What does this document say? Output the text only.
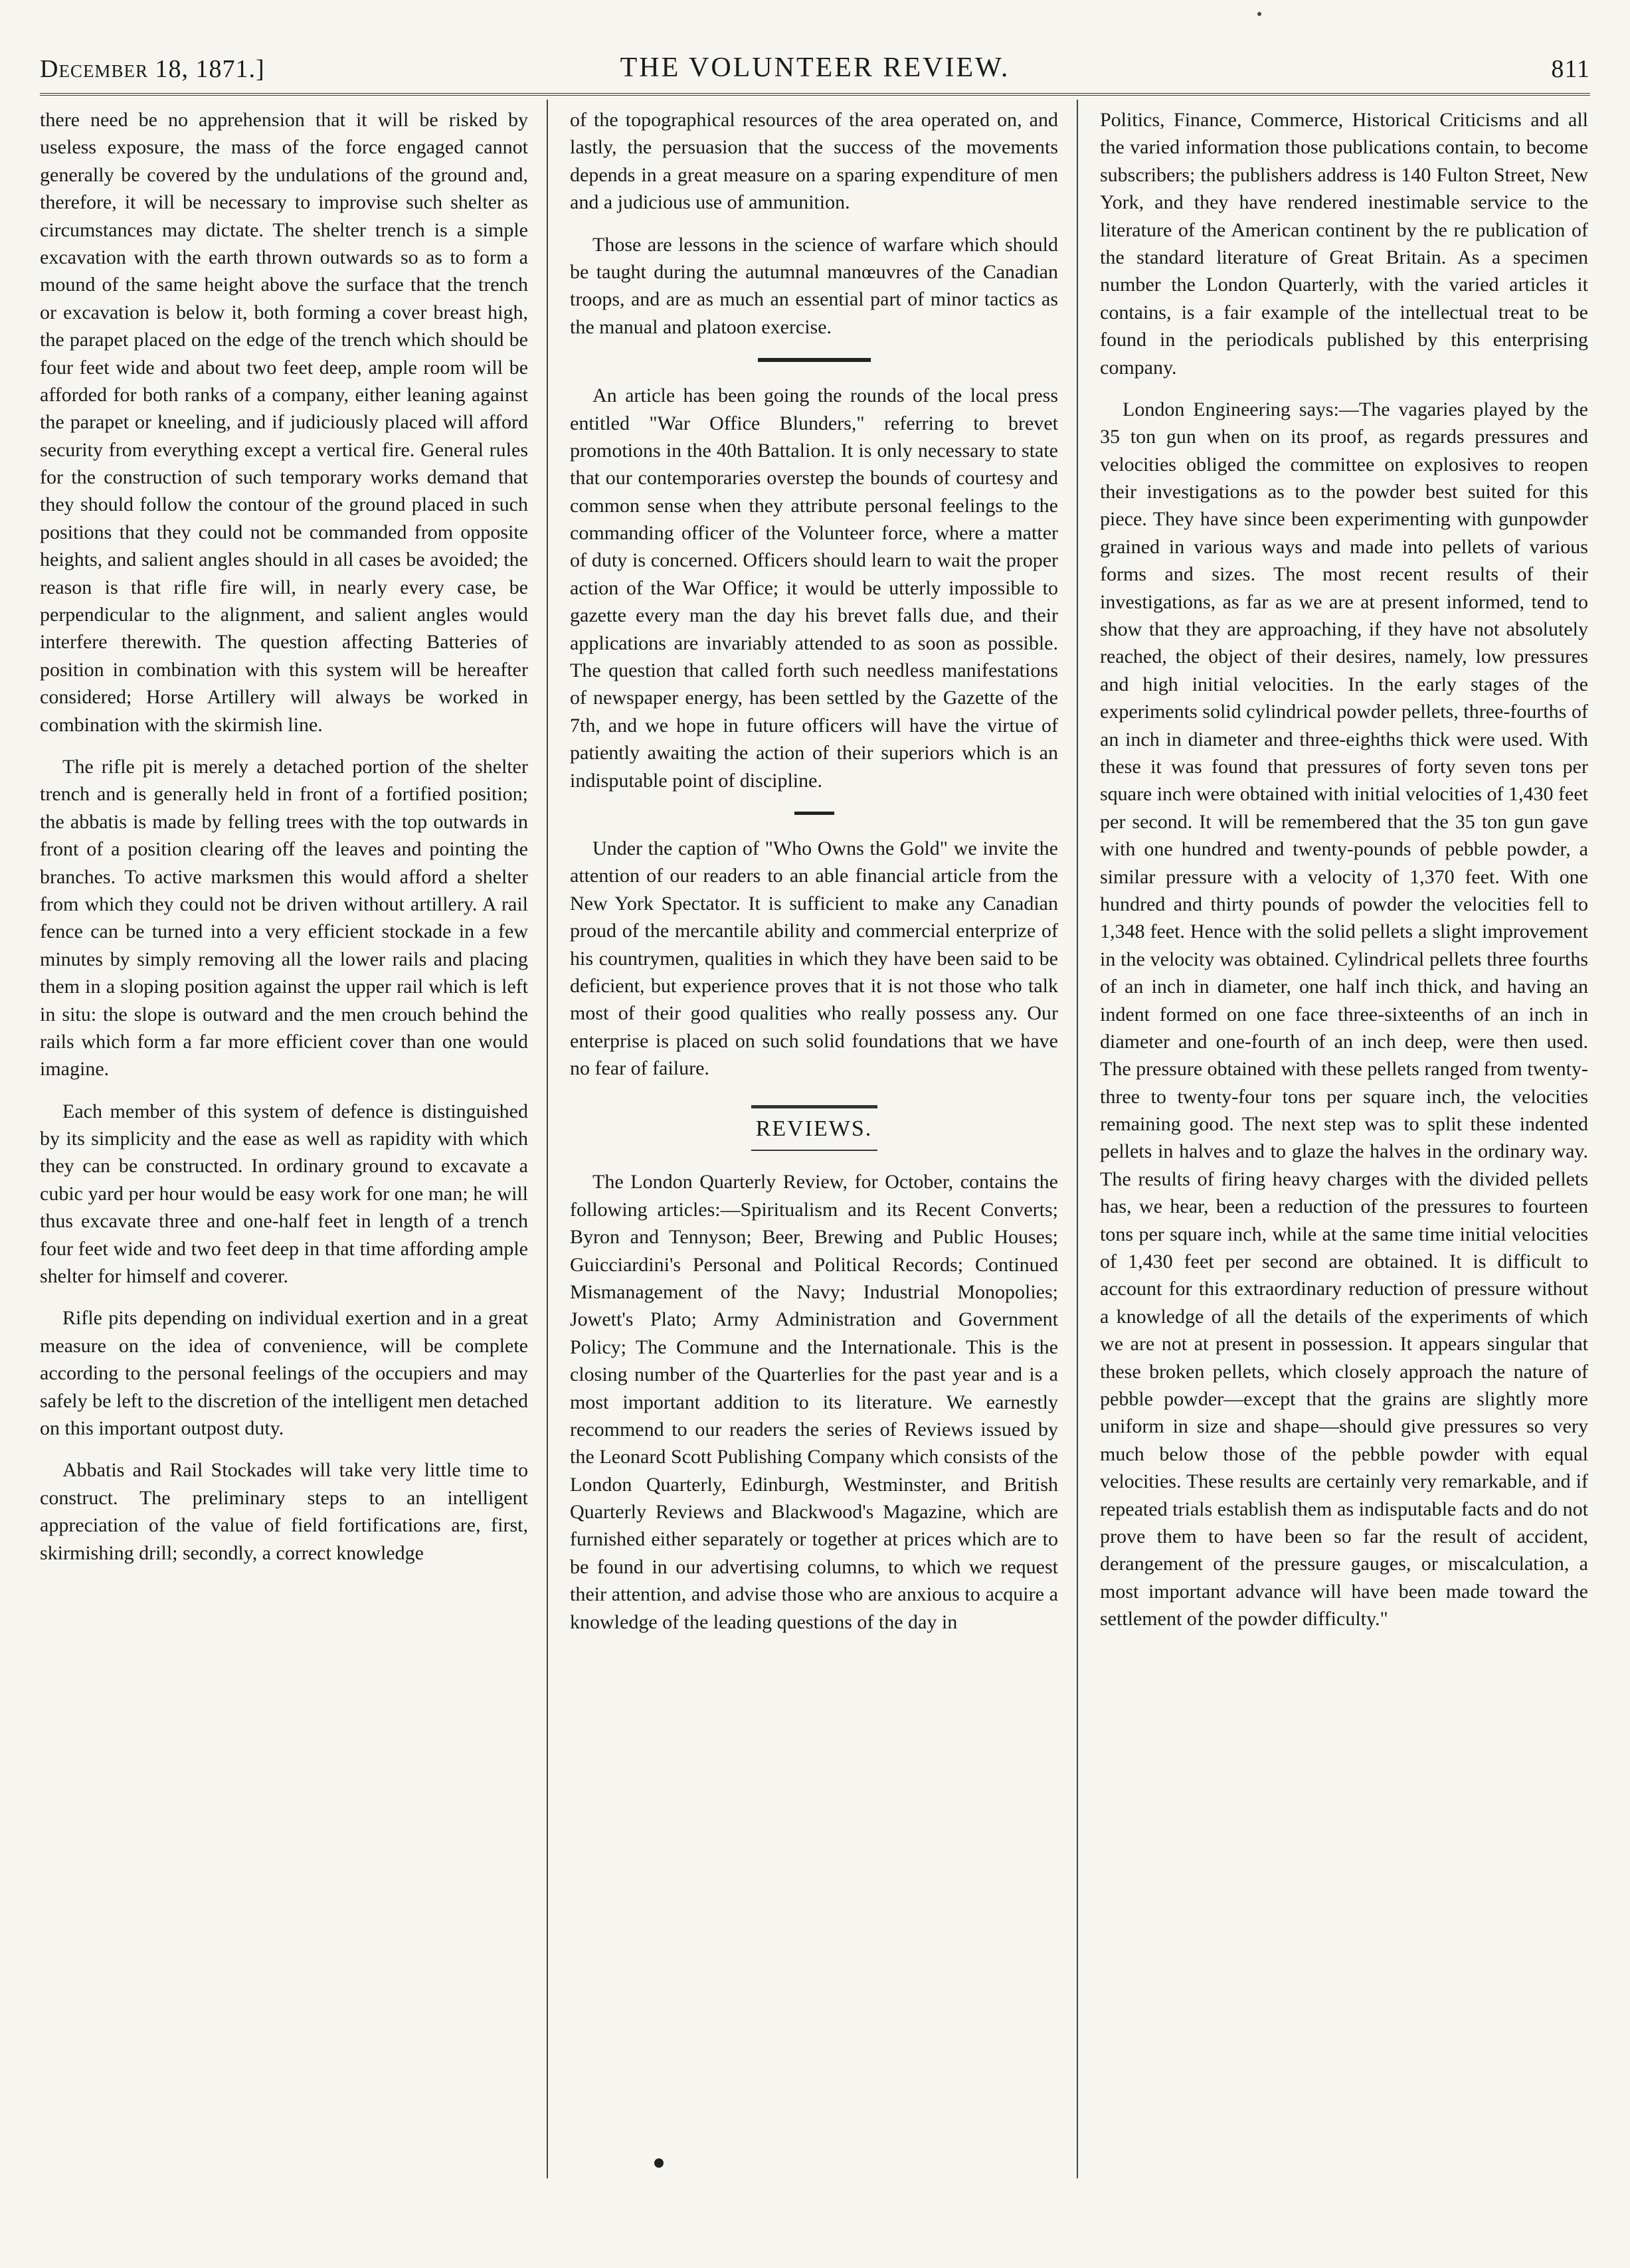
December 18, 1871.]	THE VOLUNTEER REVIEW.	811

there need be no apprehension that it will be risked by useless exposure, the mass of the force engaged cannot generally be covered by the undulations of the ground and, therefore, it will be necessary to improvise such shelter as circumstances may dictate. The shelter trench is a simple excavation with the earth thrown outwards so as to form a mound of the same height above the surface that the trench or excavation is below it, both forming a cover breast high, the parapet placed on the edge of the trench which should be four feet wide and about two feet deep, ample room will be afforded for both ranks of a company, either leaning against the parapet or kneeling, and if judiciously placed will afford security from everything except a vertical fire. General rules for the construction of such temporary works demand that they should follow the contour of the ground placed in such positions that they could not be commanded from opposite heights, and salient angles should in all cases be avoided; the reason is that rifle fire will, in nearly every case, be perpendicular to the alignment, and salient angles would interfere therewith. The question affecting Batteries of position in combination with this system will be hereafter considered; Horse Artillery will always be worked in combination with the skirmish line.

The rifle pit is merely a detached portion of the shelter trench and is generally held in front of a fortified position; the abbatis is made by felling trees with the top outwards in front of a position clearing off the leaves and pointing the branches. To active marksmen this would afford a shelter from which they could not be driven without artillery. A rail fence can be turned into a very efficient stockade in a few minutes by simply removing all the lower rails and placing them in a sloping position against the upper rail which is left in situ: the slope is outward and the men crouch behind the rails which form a far more efficient cover than one would imagine.

Each member of this system of defence is distinguished by its simplicity and the ease as well as rapidity with which they can be constructed. In ordinary ground to excavate a cubic yard per hour would be easy work for one man; he will thus excavate three and one-half feet in length of a trench four feet wide and two feet deep in that time affording ample shelter for himself and coverer.

Rifle pits depending on individual exertion and in a great measure on the idea of convenience, will be complete according to the personal feelings of the occupiers and may safely be left to the discretion of the intelligent men detached on this important outpost duty.

Abbatis and Rail Stockades will take very little time to construct. The preliminary steps to an intelligent appreciation of the value of field fortifications are, first, skirmishing drill; secondly, a correct knowledge

of the topographical resources of the area operated on, and lastly, the persuasion that the success of the movements depends in a great measure on a sparing expenditure of men and a judicious use of ammunition.

Those are lessons in the science of warfare which should be taught during the autumnal manœuvres of the Canadian troops, and are as much an essential part of minor tactics as the manual and platoon exercise.

An article has been going the rounds of the local press entitled "War Office Blunders," referring to brevet promotions in the 40th Battalion. It is only necessary to state that our contemporaries overstep the bounds of courtesy and common sense when they attribute personal feelings to the commanding officer of the Volunteer force, where a matter of duty is concerned. Officers should learn to wait the proper action of the War Office; it would be utterly impossible to gazette every man the day his brevet falls due, and their applications are invariably attended to as soon as possible. The question that called forth such needless manifestations of newspaper energy, has been settled by the Gazette of the 7th, and we hope in future officers will have the virtue of patiently awaiting the action of their superiors which is an indisputable point of discipline.

Under the caption of "Who Owns the Gold" we invite the attention of our readers to an able financial article from the New York Spectator. It is sufficient to make any Canadian proud of the mercantile ability and commercial enterprize of his countrymen, qualities in which they have been said to be deficient, but experience proves that it is not those who talk most of their good qualities who really possess any. Our enterprise is placed on such solid foundations that we have no fear of failure.

REVIEWS.

The London Quarterly Review, for October, contains the following articles:—Spiritualism and its Recent Converts; Byron and Tennyson; Beer, Brewing and Public Houses; Guicciardini's Personal and Political Records; Continued Mismanagement of the Navy; Industrial Monopolies; Jowett's Plato; Army Administration and Government Policy; The Commune and the Internationale. This is the closing number of the Quarterlies for the past year and is a most important addition to its literature. We earnestly recommend to our readers the series of Reviews issued by the Leonard Scott Publishing Company which consists of the London Quarterly, Edinburgh, Westminster, and British Quarterly Reviews and Blackwood's Magazine, which are furnished either separately or together at prices which are to be found in our advertising columns, to which we request their attention, and advise those who are anxious to acquire a knowledge of the leading questions of the day in

Politics, Finance, Commerce, Historical Criticisms and all the varied information those publications contain, to become subscribers; the publishers address is 140 Fulton Street, New York, and they have rendered inestimable service to the literature of the American continent by the re publication of the standard literature of Great Britain. As a specimen number the London Quarterly, with the varied articles it contains, is a fair example of the intellectual treat to be found in the periodicals published by this enterprising company.

London Engineering says:—The vagaries played by the 35 ton gun when on its proof, as regards pressures and velocities obliged the committee on explosives to reopen their investigations as to the powder best suited for this piece. They have since been experimenting with gunpowder grained in various ways and made into pellets of various forms and sizes. The most recent results of their investigations, as far as we are at present informed, tend to show that they are approaching, if they have not absolutely reached, the object of their desires, namely, low pressures and high initial velocities. In the early stages of the experiments solid cylindrical powder pellets, three-fourths of an inch in diameter and three-eighths thick were used. With these it was found that pressures of forty seven tons per square inch were obtained with initial velocities of 1,430 feet per second. It will be remembered that the 35 ton gun gave with one hundred and twenty-pounds of pebble powder, a similar pressure with a velocity of 1,370 feet. With one hundred and thirty pounds of powder the velocities fell to 1,348 feet. Hence with the solid pellets a slight improvement in the velocity was obtained. Cylindrical pellets three fourths of an inch in diameter, one half inch thick, and having an indent formed on one face three-sixteenths of an inch in diameter and one-fourth of an inch deep, were then used. The pressure obtained with these pellets ranged from twenty-three to twenty-four tons per square inch, the velocities remaining good. The next step was to split these indented pellets in halves and to glaze the halves in the ordinary way. The results of firing heavy charges with the divided pellets has, we hear, been a reduction of the pressures to fourteen tons per square inch, while at the same time initial velocities of 1,430 feet per second are obtained. It is difficult to account for this extraordinary reduction of pressure without a knowledge of all the details of the experiments of which we are not at present in possession. It appears singular that these broken pellets, which closely approach the nature of pebble powder—except that the grains are slightly more uniform in size and shape—should give pressures so very much below those of the pebble powder with equal velocities. These results are certainly very remarkable, and if repeated trials establish them as indisputable facts and do not prove them to have been so far the result of accident, derangement of the pressure gauges, or miscalculation, a most important advance will have been made toward the settlement of the powder difficulty."
